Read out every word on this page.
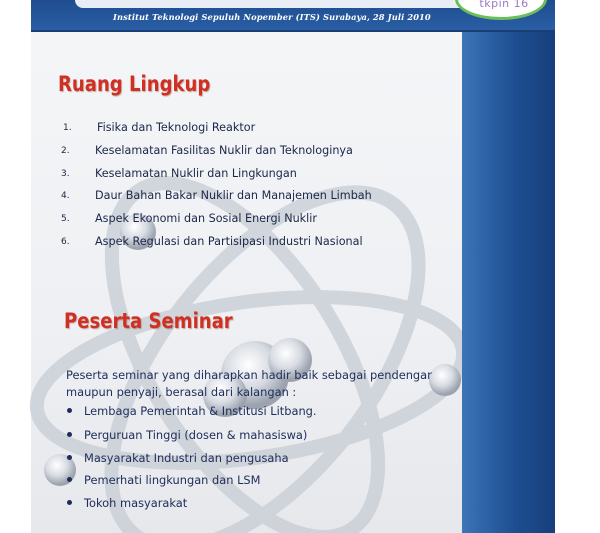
Institut Teknologi Sepuluh Nopember (ITS) Surabaya, 28 Juli 2010
tkpin 16
Ruang Lingkup
1. Fisika dan Teknologi Reaktor
2. Keselamatan Fasilitas Nuklir dan Teknologinya
3. Keselamatan Nuklir dan Lingkungan
4. Daur Bahan Bakar Nuklir dan Manajemen Limbah
5. Aspek Ekonomi dan Sosial Energi Nuklir
6. Aspek Regulasi dan Partisipasi Industri Nasional
Peserta Seminar
Peserta seminar yang diharapkan hadir baik sebagai pendengar
maupun penyaji, berasal dari kalangan :
Lembaga Pemerintah & Institusi Litbang.
Perguruan Tinggi (dosen & mahasiswa)
Masyarakat Industri dan pengusaha
Pemerhati lingkungan dan LSM
Tokoh masyarakat
